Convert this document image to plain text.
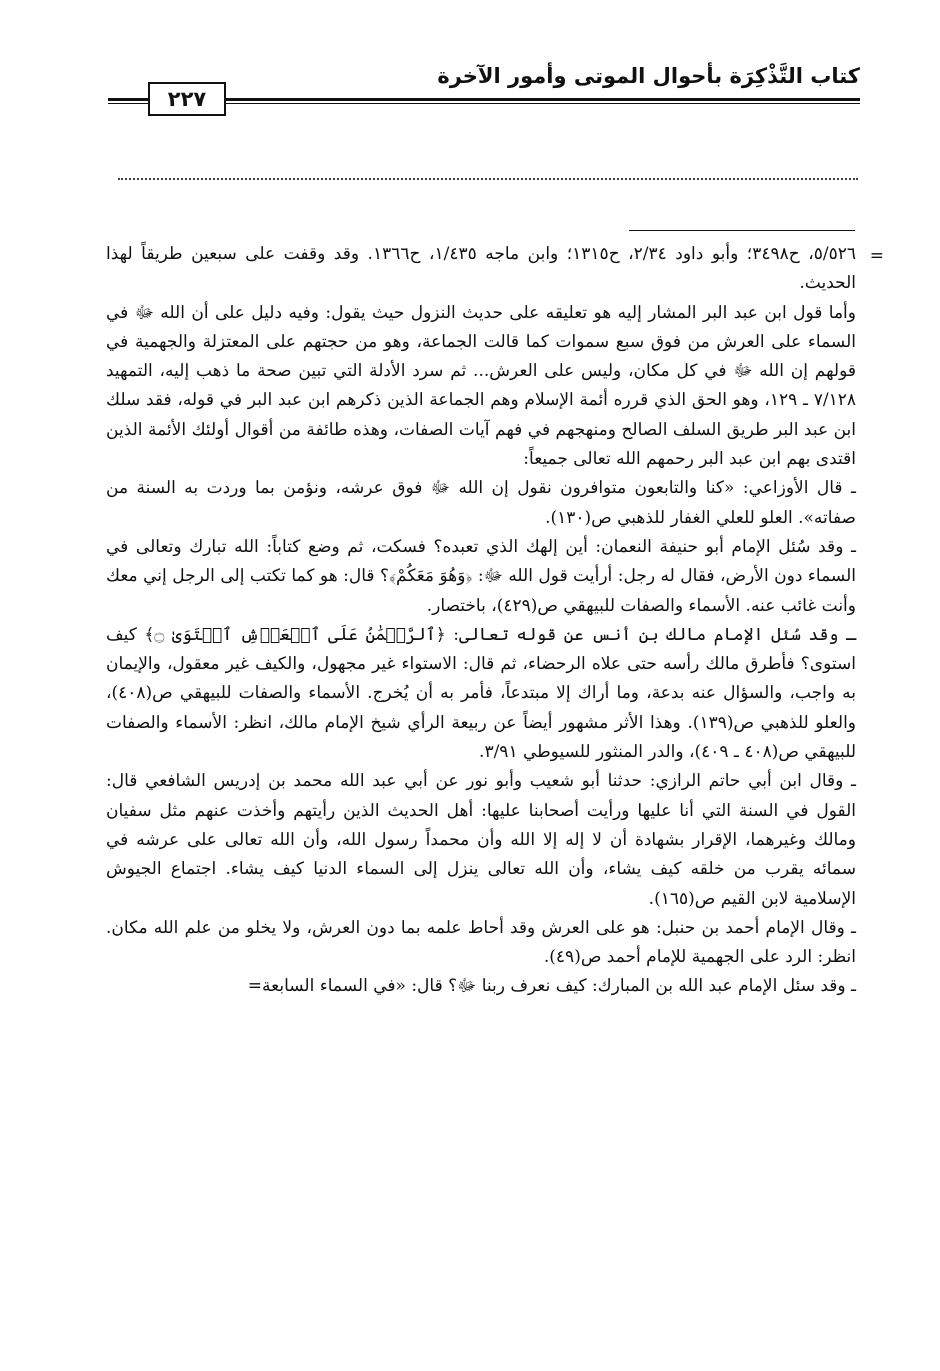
كتاب التَّذْكِرَة بأحوال الموتى وأمور الآخرة
٢٢٧
=

٥/٥٢٦، ح٣٤٩٨؛ وأبو داود ٢/٣٤، ح١٣١٥؛ وابن ماجه ١/٤٣٥، ح١٣٦٦. وقد وقفت على سبعين طريقاً لهذا الحديث.

وأما قول ابن عبد البر المشار إليه هو تعليقه على حديث النزول حيث يقول: وفيه دليل على أن الله ﷻ في السماء على العرش من فوق سبع سموات كما قالت الجماعة، وهو من حجتهم على المعتزلة والجهمية في قولهم إن الله ﷻ في كل مكان، وليس على العرش... ثم سرد الأدلة التي تبين صحة ما ذهب إليه، التمهيد ٧/١٢٨ ـ ١٢٩، وهو الحق الذي قرره أئمة الإسلام وهم الجماعة الذين ذكرهم ابن عبد البر في قوله، فقد سلك ابن عبد البر طريق السلف الصالح ومنهجهم في فهم آيات الصفات، وهذه طائفة من أقوال أولئك الأئمة الذين اقتدى بهم ابن عبد البر رحمهم الله تعالى جميعاً:

ـ قال الأوزاعي: «كنا والتابعون متوافرون نقول إن الله ﷻ فوق عرشه، ونؤمن بما وردت به السنة من صفاته». العلو للعلي الغفار للذهبي ص(١٣٠).

ـ وقد سُئل الإمام أبو حنيفة النعمان: أين إلهك الذي تعبده؟ فسكت، ثم وضع كتاباً: الله تبارك وتعالى في السماء دون الأرض، فقال له رجل: أرأيت قول الله ﷻ: ﴿وَهُوَ مَعَكُمْ﴾؟ قال: هو كما تكتب إلى الرجل إني معك وأنت غائب عنه. الأسماء والصفات للبيهقي ص(٤٢٩)، باختصار.

ـ وقد سُئل الإمام مالك بن أنس عن قوله تعالى: ﴿ٱلرَّحۡمَٰنُ عَلَى ٱلۡعَرۡشِ ٱسۡتَوَىٰ ۝﴾ كيف استوى؟ فأطرق مالك رأسه حتى علاه الرحضاء، ثم قال: الاستواء غير مجهول، والكيف غير معقول، والإيمان به واجب، والسؤال عنه بدعة، وما أراك إلا مبتدعاً، فأمر به أن يُخرج. الأسماء والصفات للبيهقي ص(٤٠٨)، والعلو للذهبي ص(١٣٩). وهذا الأثر مشهور أيضاً عن ربيعة الرأي شيخ الإمام مالك، انظر: الأسماء والصفات للبيهقي ص(٤٠٨ ـ ٤٠٩)، والدر المنثور للسيوطي ٣/٩١.

ـ وقال ابن أبي حاتم الرازي: حدثنا أبو شعيب وأبو نور عن أبي عبد الله محمد بن إدريس الشافعي قال: القول في السنة التي أنا عليها ورأيت أصحابنا عليها: أهل الحديث الذين رأيتهم وأخذت عنهم مثل سفيان ومالك وغيرهما، الإقرار بشهادة أن لا إله إلا الله وأن محمداً رسول الله، وأن الله تعالى على عرشه في سمائه يقرب من خلقه كيف يشاء، وأن الله تعالى ينزل إلى السماء الدنيا كيف يشاء. اجتماع الجيوش الإسلامية لابن القيم ص(١٦٥).

ـ وقال الإمام أحمد بن حنبل: هو على العرش وقد أحاط علمه بما دون العرش، ولا يخلو من علم الله مكان. انظر: الرد على الجهمية للإمام أحمد ص(٤٩).

ـ وقد سئل الإمام عبد الله بن المبارك: كيف نعرف ربنا ﷻ؟ قال: «في السماء السابعة=
